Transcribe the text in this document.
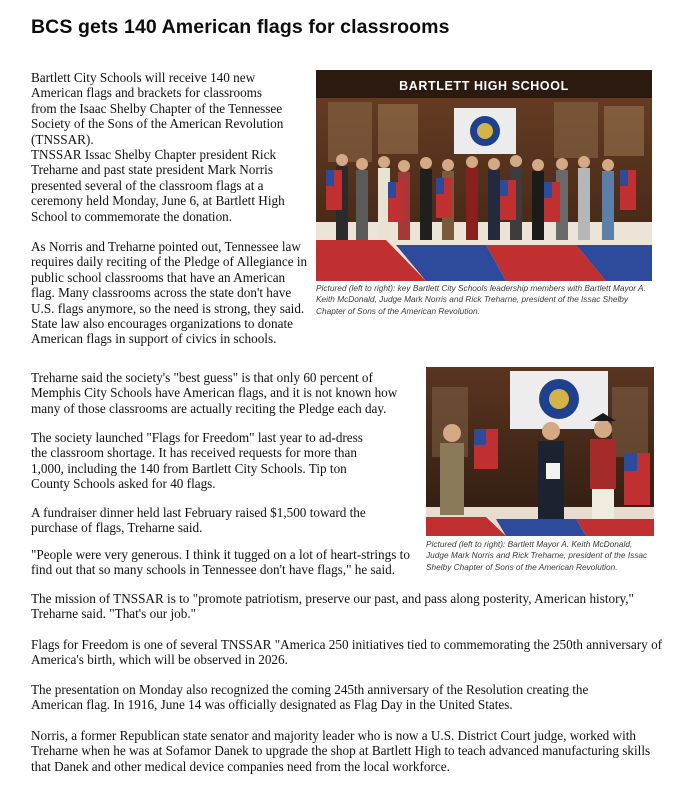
BCS gets 140 American flags for classrooms

Bartlett City Schools will receive 140 new American flags and brackets for classrooms from the Isaac Shelby Chapter of the Tennessee Society of the Sons of the American Revolution (TNSSAR).

TNSSAR Issac Shelby Chapter president Rick Treharne and past state president Mark Norris presented several of the classroom flags at a ceremony held Monday, June 6, at Bartlett High School to commemorate the donation.

As Norris and Treharne pointed out, Tennessee law requires daily reciting of the Pledge of Allegiance in public school classrooms that have an American flag. Many classrooms across the state don't have U.S. flags anymore, so the need is strong, they said. State law also encourages organizations to donate American flags in support of civics in schools.

Treharne said the society's "best guess" is that only 60 percent of Memphis City Schools have American flags, and it is not known how many of those classrooms are actually reciting the Pledge each day.

The society launched "Flags for Freedom" last year to ad-dress the classroom shortage. It has received requests for more than 1,000, including the 140 from Bartlett City Schools. Tip ton County Schools asked for 40 flags.

A fundraiser dinner held last February raised $1,500 toward the purchase of flags, Treharne said.

"People were very generous. I think it tugged on a lot of heart-strings to find out that so many schools in Tennessee don't have flags," he said.

The mission of TNSSAR is to "promote patriotism, preserve our past, and pass along posterity, American history," Treharne said. "That's our job."

Flags for Freedom is one of several TNSSAR "America 250 initiatives tied to commemorating the 250th anniversary of America's birth, which will be observed in 2026.

The presentation on Monday also recognized the coming 245th anniversary of the Resolution creating the American flag. In 1916, June 14 was officially designated as Flag Day in the United States.

Norris, a former Republican state senator and majority leader who is now a U.S. District Court judge, worked with Treharne when he was at Sofamor Danek to upgrade the shop at Bartlett High to teach advanced manufacturing skills that Danek and other medical device companies need from the local workforce.

BARTLETT HIGH SCHOOL

Pictured (left to right): key Bartlett City Schools leadership members with Bartlett Mayor A. Keith McDonald, Judge Mark Norris and Rick Treharne, president of the Issac Shelby Chapter of Sons of the American Revolution.

Pictured (left to right): Bartlett Mayor A. Keith McDonald, Judge Mark Norris and Rick Treharne, president of the Issac Shelby Chapter of Sons of the American Revolution.
